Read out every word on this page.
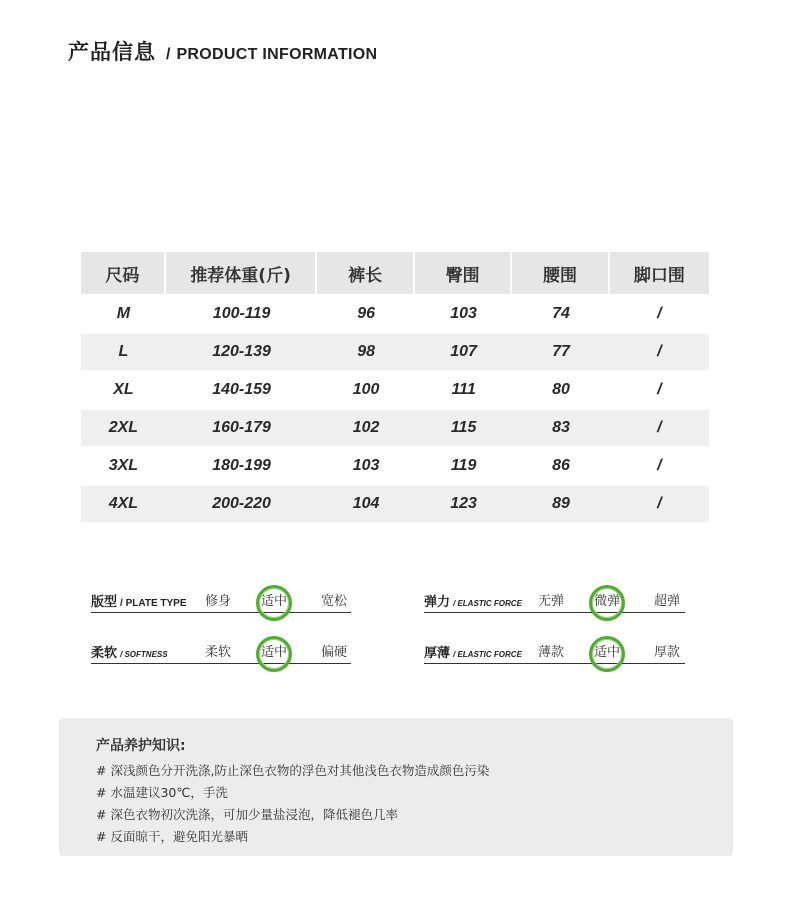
产品信息 / PRODUCT INFORMATION
尺码	推荐体重(斤)	裤长	臀围	腰围	脚口围
M	100-119	96	103	74	/
L	120-139	98	107	77	/
XL	140-159	100	111	80	/
2XL	160-179	102	115	83	/
3XL	180-199	103	119	86	/
4XL	200-220	104	123	89	/
版型 / PLATE TYPE 修身 适中	宽松	弹力 / ELASTIC FORCE 无弹 微弹	超弹
柔软 / SOFTNESS	柔软 适中	偏硬	厚薄 / ELASTIC FORCE 薄款 适中	厚款
产品养护知识:
# 深浅颜色分开洗涤,防止深色衣物的浮色对其他浅色衣物造成颜色污染
# 水温建议30℃，手洗
# 深色衣物初次洗涤，可加少量盐浸泡，降低褪色几率
# 反面晾干，避免阳光暴晒
